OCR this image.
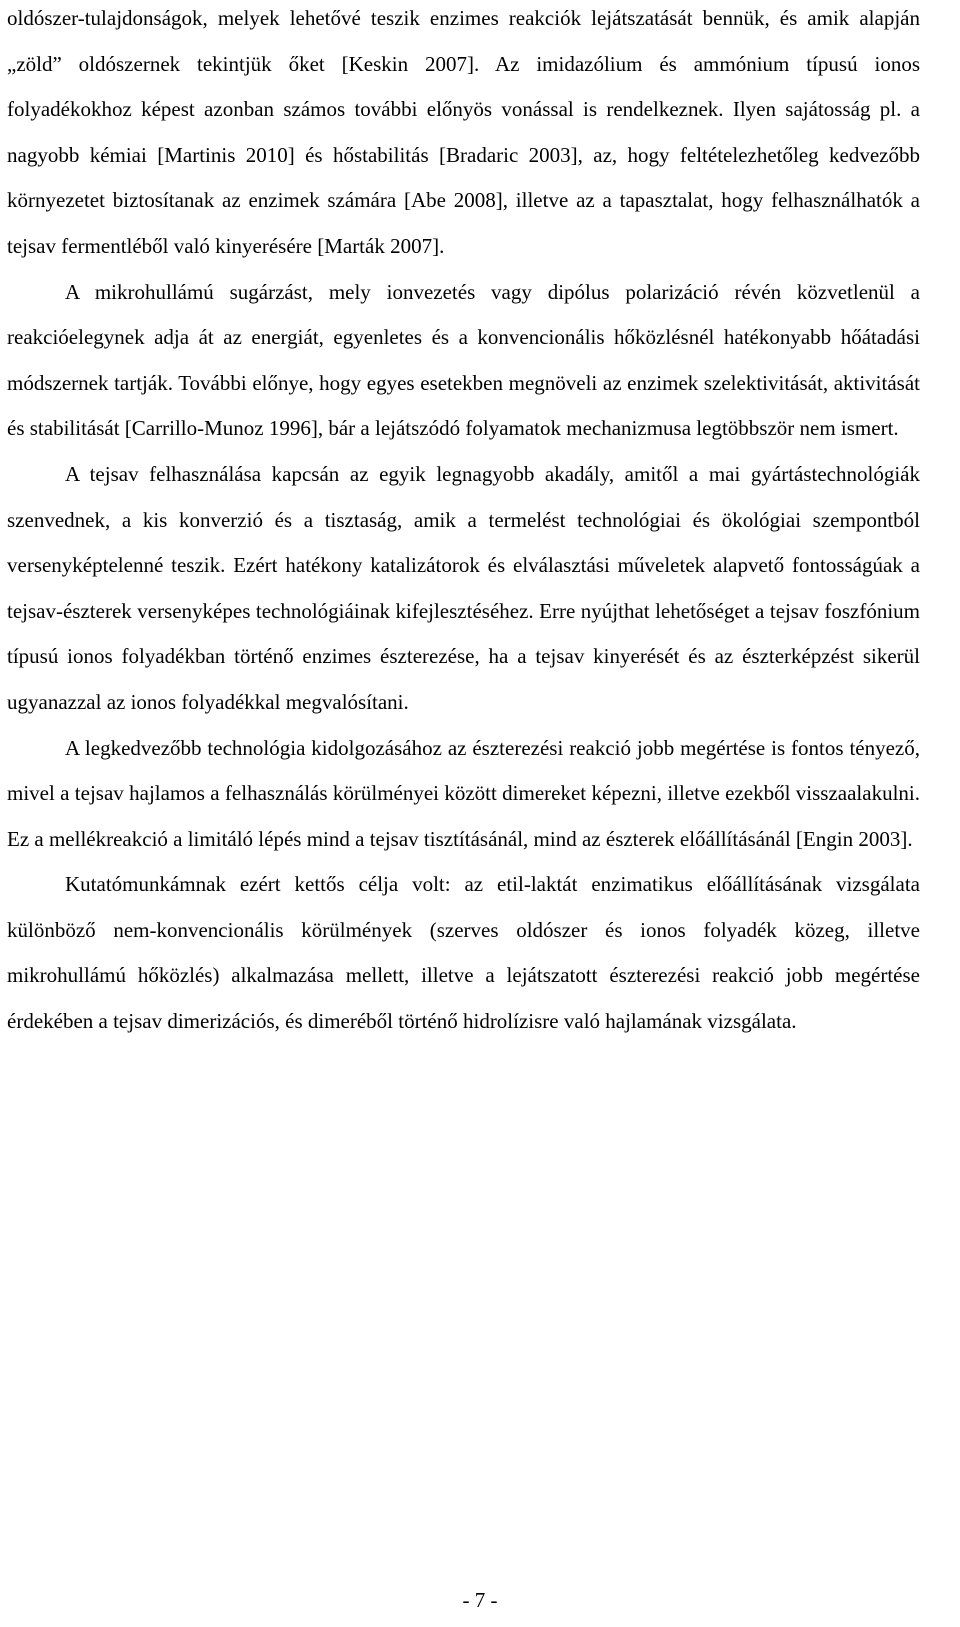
oldószer-tulajdonságok, melyek lehetővé teszik enzimes reakciók lejátszatását bennük, és amik alapján „zöld” oldószernek tekintjük őket [Keskin 2007]. Az imidazólium és ammónium típusú ionos folyadékokhoz képest azonban számos további előnyös vonással is rendelkeznek. Ilyen sajátosság pl. a nagyobb kémiai [Martinis 2010] és hőstabilitás [Bradaric 2003], az, hogy feltételezhetőleg kedvezőbb környezetet biztosítanak az enzimek számára [Abe 2008], illetve az a tapasztalat, hogy felhasználhatók a tejsav fermentléből való kinyerésére [Marták 2007].

A mikrohullámú sugárzást, mely ionvezetés vagy dipólus polarizáció révén közvetlenül a reakcióelegynek adja át az energiát, egyenletes és a konvencionális hőközlésnél hatékonyabb hőátadási módszernek tartják. További előnye, hogy egyes esetekben megnöveli az enzimek szelektivitását, aktivitását és stabilitását [Carrillo-Munoz 1996], bár a lejátszódó folyamatok mechanizmusa legtöbbször nem ismert.

A tejsav felhasználása kapcsán az egyik legnagyobb akadály, amitől a mai gyártástechnológiák szenvednek, a kis konverzió és a tisztaság, amik a termelést technológiai és ökológiai szempontból versenyképtelenné teszik. Ezért hatékony katalizátorok és elválasztási műveletek alapvető fontosságúak a tejsav-észterek versenyképes technológiáinak kifejlesztéséhez. Erre nyújthat lehetőséget a tejsav foszfónium típusú ionos folyadékban történő enzimes észterezése, ha a tejsav kinyerését és az észterképzést sikerül ugyanazzal az ionos folyadékkal megvalósítani.

A legkedvezőbb technológia kidolgozásához az észterezési reakció jobb megértése is fontos tényező, mivel a tejsav hajlamos a felhasználás körülményei között dimereket képezni, illetve ezekből visszaalakulni. Ez a mellékreakció a limitáló lépés mind a tejsav tisztításánál, mind az észterek előállításánál [Engin 2003].

Kutatómunkámnak ezért kettős célja volt: az etil-laktát enzimatikus előállításának vizsgálata különböző nem-konvencionális körülmények (szerves oldószer és ionos folyadék közeg, illetve mikrohullámú hőközlés) alkalmazása mellett, illetve a lejátszatott észterezési reakció jobb megértése érdekében a tejsav dimerizációs, és dimeréből történő hidrolízisre való hajlamának vizsgálata.

- 7 -
